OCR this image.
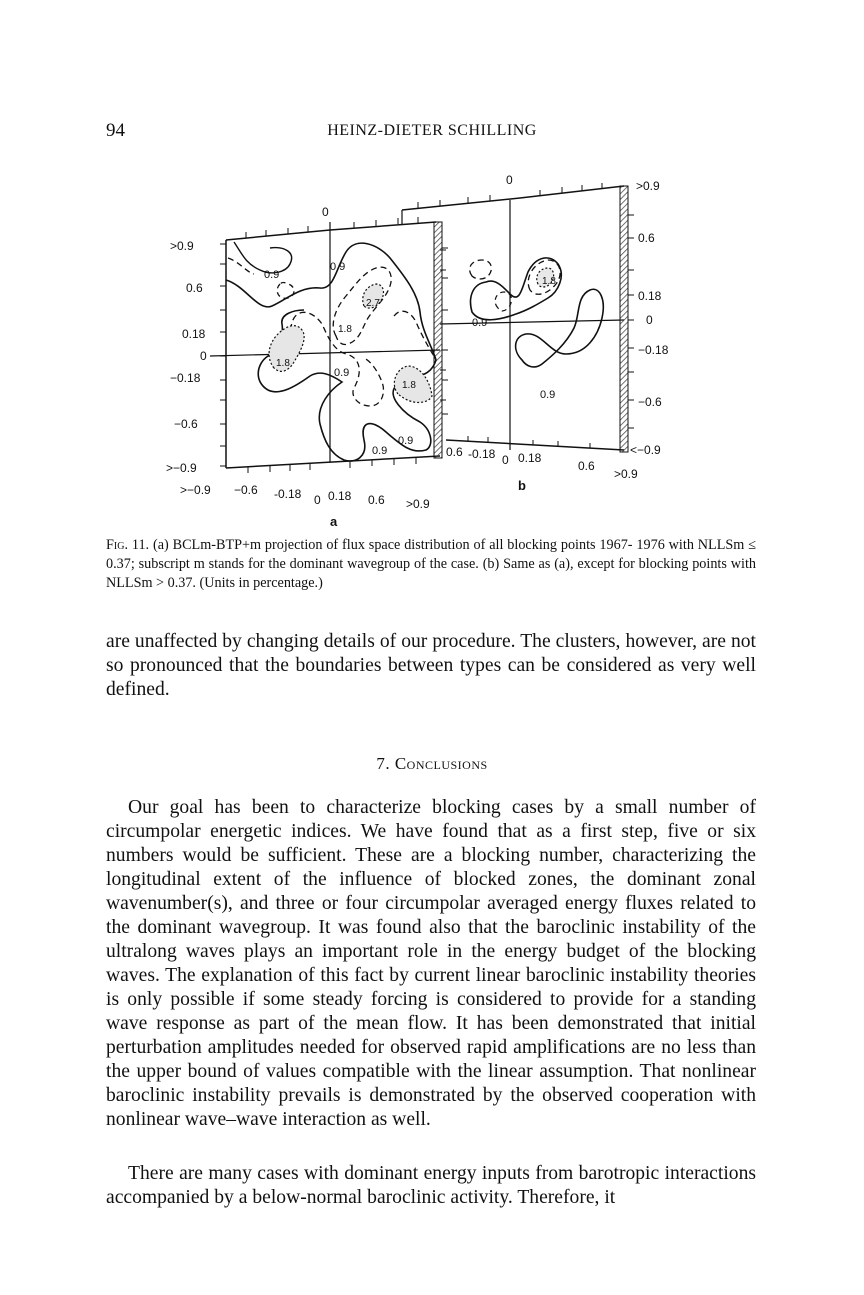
94	HEINZ-DIETER SCHILLING
0
>0.9
0.6
0.18
0
−0.18
−0.6
>−0.9
>−0.9 −0.6 -0.18 0 0.18 0.6 >0.9
0.9
0.9
2.7
1.8
1.8
0.9
1.8
0.9
0.9
a
0	>0.9
0.6
0.18
0
−0.18
−0.6
<−0.9
0.6 -0.18 0 0.18
0.6
>0.9
1.8
0.9
0.9
b
Fig. 11. (a) BCLm-BTP+m projection of flux space distribution of all blocking points 1967- 1976 with NLLSm ≤ 0.37; subscript m stands for the dominant wavegroup of the case. (b) Same as (a), except for blocking points with NLLSm > 0.37. (Units in percentage.)

are unaffected by changing details of our procedure. The clusters, however, are not so pronounced that the boundaries between types can be considered as very well defined.

7. Conclusions

Our goal has been to characterize blocking cases by a small number of circumpolar energetic indices. We have found that as a first step, five or six numbers would be sufficient. These are a blocking number, characterizing the longitudinal extent of the influence of blocked zones, the dominant zonal wavenumber(s), and three or four circumpolar averaged energy fluxes related to the dominant wavegroup. It was found also that the baroclinic instability of the ultralong waves plays an important role in the energy budget of the blocking waves. The explanation of this fact by current linear baroclinic instability theories is only possible if some steady forcing is considered to provide for a standing wave response as part of the mean flow. It has been demonstrated that initial perturbation amplitudes needed for observed rapid amplifications are no less than the upper bound of values compatible with the linear assumption. That nonlinear baroclinic instability prevails is demonstrated by the observed cooperation with nonlinear wave–wave interaction as well.

There are many cases with dominant energy inputs from barotropic interactions accompanied by a below-normal baroclinic activity. Therefore, it
